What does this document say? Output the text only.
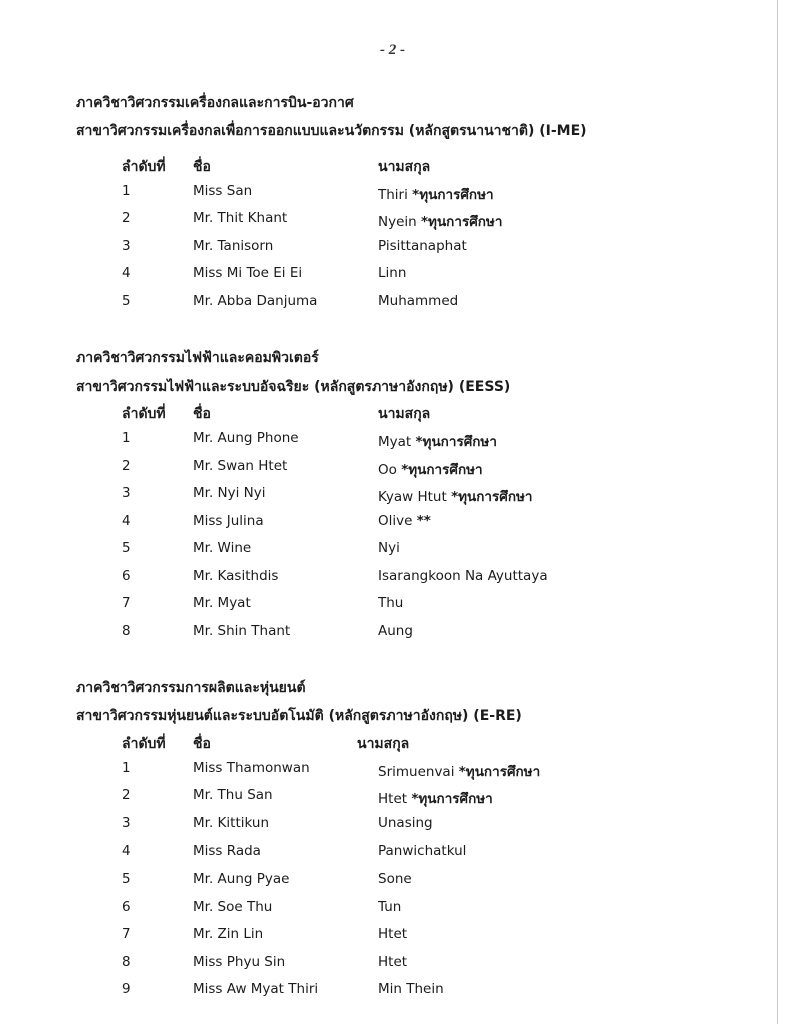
- 2 -
ภาควิชาวิศวกรรมเครื่องกลและการบิน-อวกาศ
สาขาวิศวกรรมเครื่องกลเพื่อการออกแบบและนวัตกรรม (หลักสูตรนานาชาติ) (I-ME)
ลำดับที่ ชื่อ	นามสกุล
1	Miss San	Thiri *ทุนการศึกษา
2	Mr. Thit Khant	Nyein *ทุนการศึกษา
3	Mr. Tanisorn	Pisittanaphat
4	Miss Mi Toe Ei Ei	Linn
5	Mr. Abba Danjuma	Muhammed
ภาควิชาวิศวกรรมไฟฟ้าและคอมพิวเตอร์
สาขาวิศวกรรมไฟฟ้าและระบบอัจฉริยะ (หลักสูตรภาษาอังกฤษ) (EESS)
ลำดับที่ ชื่อ	นามสกุล
1	Mr. Aung Phone	Myat *ทุนการศึกษา
2	Mr. Swan Htet	Oo *ทุนการศึกษา
3	Mr. Nyi Nyi	Kyaw Htut *ทุนการศึกษา
4	Miss Julina	Olive **
5	Mr. Wine	Nyi
6	Mr. Kasithdis	Isarangkoon Na Ayuttaya
7	Mr. Myat	Thu
8	Mr. Shin Thant	Aung
ภาควิชาวิศวกรรมการผลิตและหุ่นยนต์
สาขาวิศวกรรมหุ่นยนต์และระบบอัตโนมัติ (หลักสูตรภาษาอังกฤษ) (E-RE)
ลำดับที่ ชื่อ	นามสกุล
1	Miss Thamonwan	Srimuenvai *ทุนการศึกษา
2	Mr. Thu San	Htet *ทุนการศึกษา
3	Mr. Kittikun	Unasing
4	Miss Rada	Panwichatkul
5	Mr. Aung Pyae	Sone
6	Mr. Soe Thu	Tun
7	Mr. Zin Lin	Htet
8	Miss Phyu Sin	Htet
9	Miss Aw Myat Thiri	Min Thein
